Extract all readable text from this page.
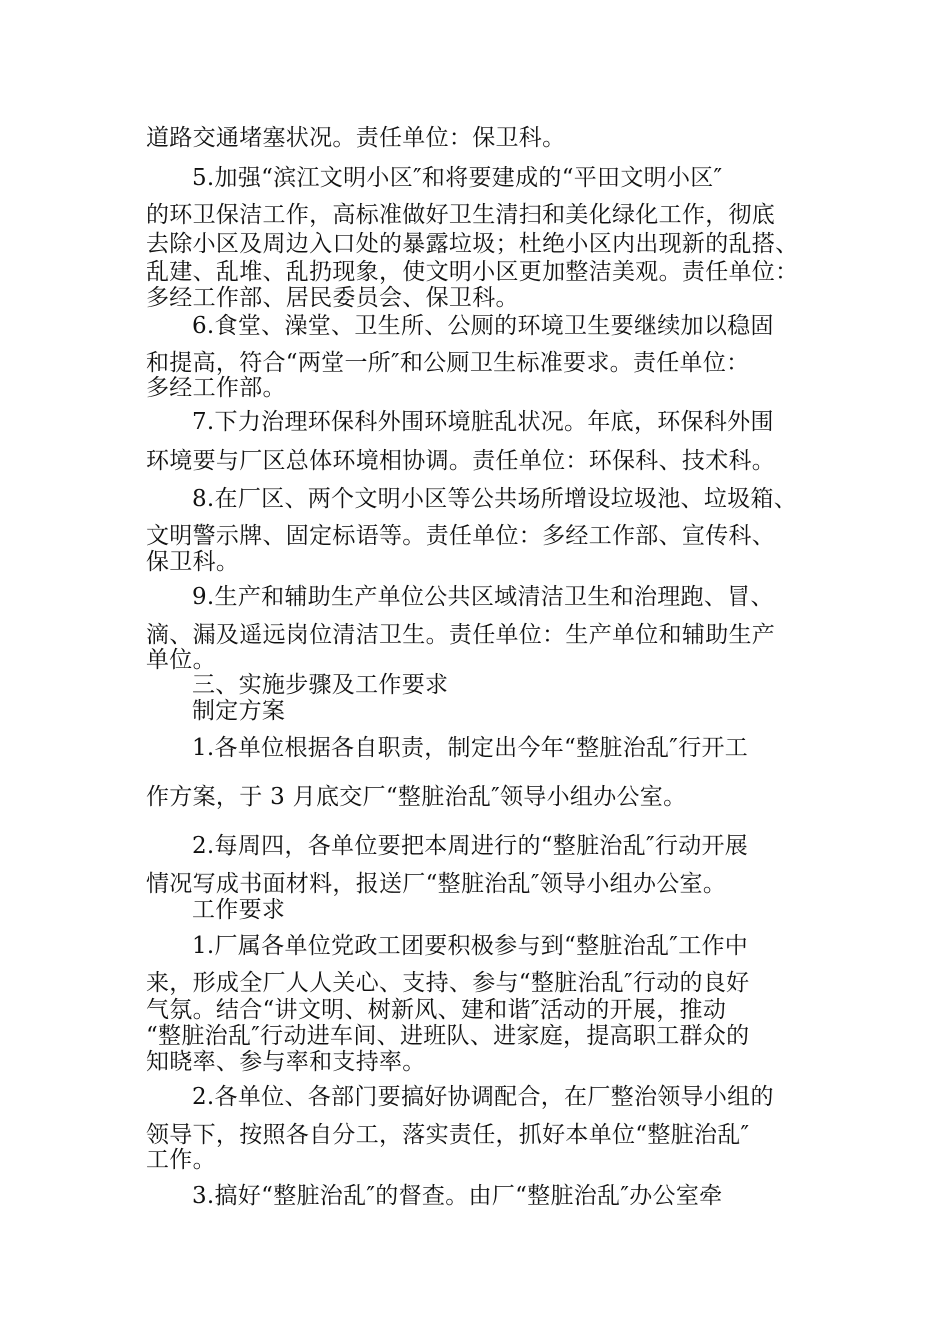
道路交通堵塞状况。责任单位：保卫科。
5.加强“滨江文明小区″和将要建成的“平田文明小区″
的环卫保洁工作，高标准做好卫生清扫和美化绿化工作，彻底
去除小区及周边入口处的暴露垃圾；杜绝小区内出现新的乱搭、
乱建、乱堆、乱扔现象，使文明小区更加整洁美观。责任单位：
多经工作部、居民委员会、保卫科。
6.食堂、澡堂、卫生所、公厕的环境卫生要继续加以稳固
和提高，符合“两堂一所″和公厕卫生标准要求。责任单位：
多经工作部。
7.下力治理环保科外围环境脏乱状况。年底，环保科外围
环境要与厂区总体环境相协调。责任单位：环保科、技术科。
8.在厂区、两个文明小区等公共场所增设垃圾池、垃圾箱、
文明警示牌、固定标语等。责任单位：多经工作部、宣传科、
保卫科。
9.生产和辅助生产单位公共区域清洁卫生和治理跑、冒、
滴、漏及遥远岗位清洁卫生。责任单位：生产单位和辅助生产
单位。
三、实施步骤及工作要求
制定方案
1.各单位根据各自职责，制定出今年“整脏治乱″行开工
作方案，于 3 月底交厂“整脏治乱″领导小组办公室。
2.每周四，各单位要把本周进行的“整脏治乱″行动开展
情况写成书面材料，报送厂“整脏治乱″领导小组办公室。
工作要求
1.厂属各单位党政工团要积极参与到“整脏治乱″工作中
来，形成全厂人人关心、支持、参与“整脏治乱″行动的良好
气氛。结合“讲文明、树新风、建和谐″活动的开展，推动
“整脏治乱″行动进车间、进班队、进家庭，提高职工群众的
知晓率、参与率和支持率。
2.各单位、各部门要搞好协调配合，在厂整治领导小组的
领导下，按照各自分工，落实责任，抓好本单位“整脏治乱″
工作。
3.搞好“整脏治乱″的督查。由厂“整脏治乱″办公室牵
